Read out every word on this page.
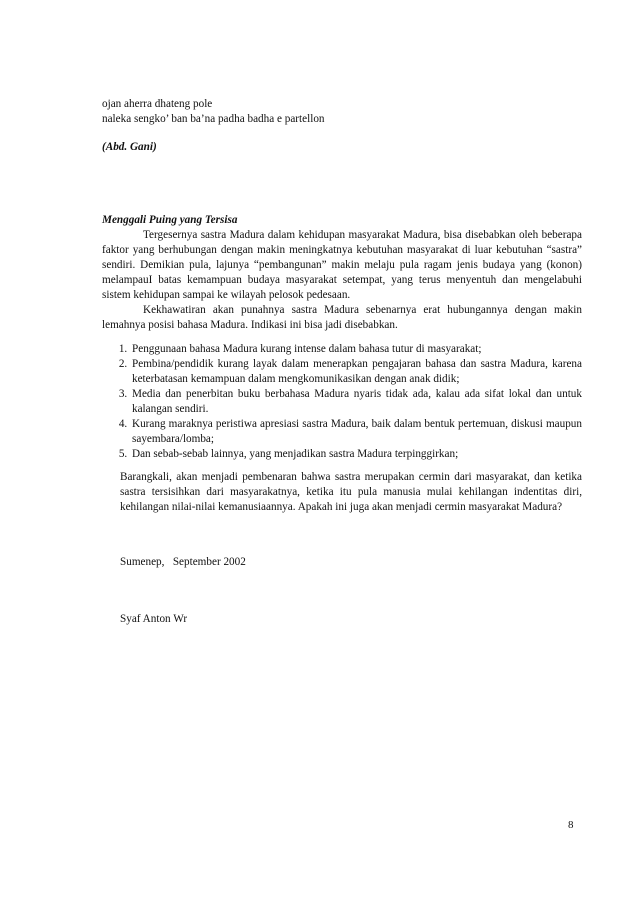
ojan aherra dhateng pole
naleka sengko’ ban ba’na padha badha e partellon
(Abd. Gani)
Menggali Puing yang Tersisa

Tergesernya sastra Madura dalam kehidupan masyarakat Madura, bisa disebabkan oleh beberapa faktor yang berhubungan dengan makin meningkatnya kebutuhan masyarakat di luar kebutuhan “sastra” sendiri. Demikian pula, lajunya “pembangunan” makin melaju pula ragam jenis budaya yang (konon) melampauI batas kemampuan budaya masyarakat setempat, yang terus menyentuh dan mengelabuhi sistem kehidupan sampai ke wilayah pelosok pedesaan.

Kekhawatiran akan punahnya sastra Madura sebenarnya erat hubungannya dengan makin lemahnya posisi bahasa Madura. Indikasi ini bisa jadi disebabkan.

1. Penggunaan bahasa Madura kurang intense dalam bahasa tutur di masyarakat;
2. Pembina/pendidik kurang layak dalam menerapkan pengajaran bahasa dan sastra Madura, karena keterbatasan kemampuan dalam mengkomunikasikan dengan anak didik;
3. Media dan penerbitan buku berbahasa Madura nyaris tidak ada, kalau ada sifat lokal dan untuk kalangan sendiri.
4. Kurang maraknya peristiwa apresiasi sastra Madura, baik dalam bentuk pertemuan, diskusi maupun sayembara/lomba;
5. Dan sebab-sebab lainnya, yang menjadikan sastra Madura terpinggirkan;
Barangkali, akan menjadi pembenaran bahwa sastra merupakan cermin dari masyarakat, dan ketika sastra tersisihkan dari masyarakatnya, ketika itu pula manusia mulai kehilangan indentitas diri, kehilangan nilai-nilai kemanusiaannya. Apakah ini juga akan menjadi cermin masyarakat Madura?
Sumenep,   September 2002
Syaf Anton Wr
8
